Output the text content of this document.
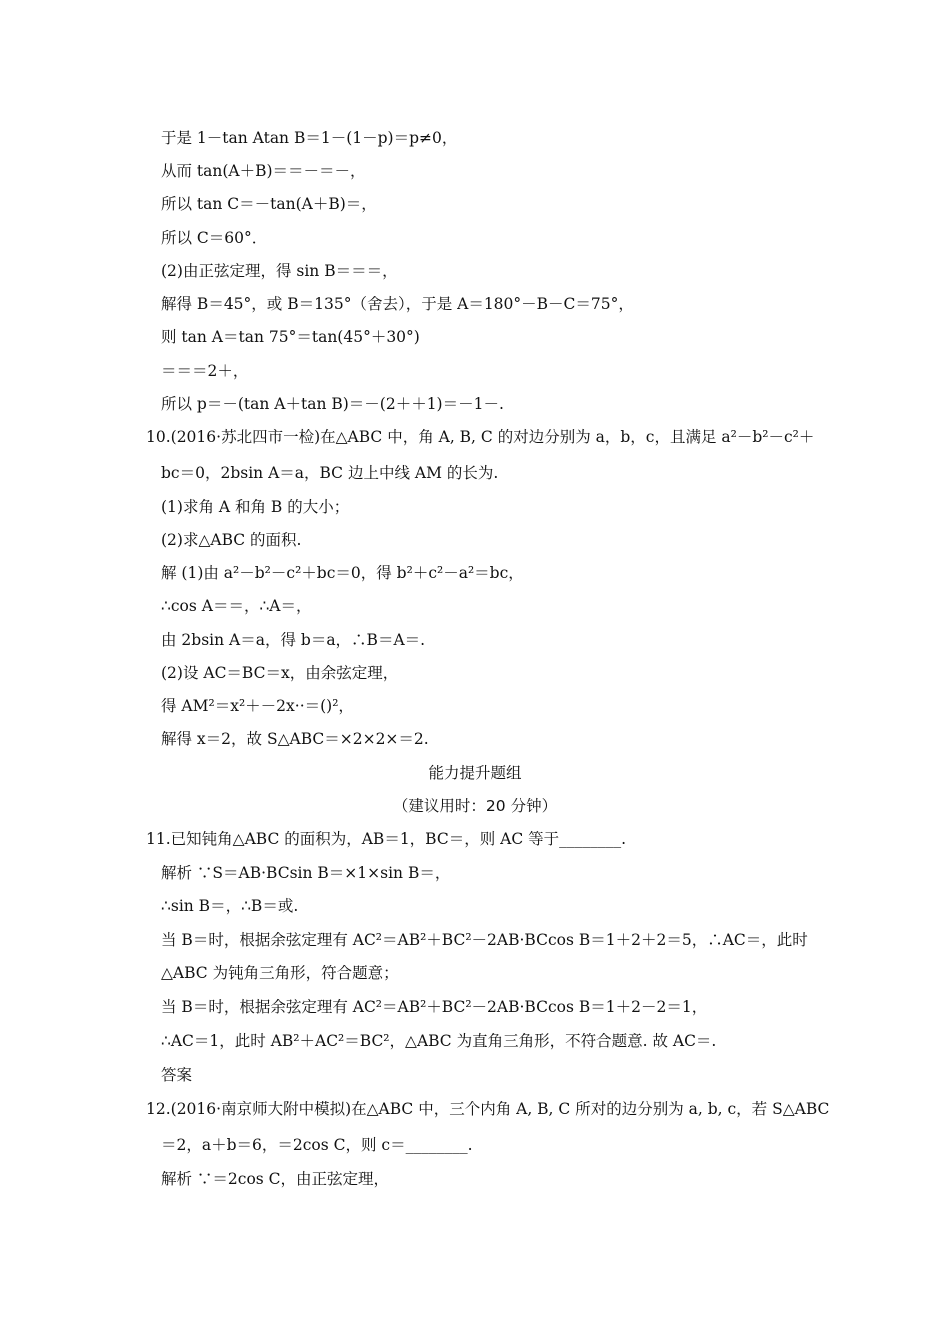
于是 1－tan Atan B＝1－(1－p)＝p≠0，
从而 tan(A＋B)＝＝－＝－，
所以 tan C＝－tan(A＋B)＝，
所以 C＝60°．
(2)由正弦定理，得 sin B＝＝＝，
解得 B＝45°，或 B＝135°（舍去），于是 A＝180°－B－C＝75°，
则 tan A＝tan 75°＝tan(45°＋30°)
＝＝＝2＋，
所以 p＝－(tan A＋tan B)＝－(2＋＋1)＝－1－.
10.(2016·苏北四市一检)在△ABC 中，角 A, B, C 的对边分别为 a，b，c，且满足 a²－b²－c²＋
bc＝0，2bsin A＝a，BC 边上中线 AM 的长为.
(1)求角 A 和角 B 的大小；
(2)求△ABC 的面积.
解 (1)由 a²－b²－c²＋bc＝0，得 b²＋c²－a²＝bc，
∴cos A＝＝，∴A＝，
由 2bsin A＝a，得 b＝a，∴B＝A＝.
(2)设 AC＝BC＝x，由余弦定理，
得 AM²＝x²＋－2x··＝()²，
解得 x＝2，故 S△ABC＝×2×2×＝2.
能力提升题组
（建议用时：20 分钟）
11.已知钝角△ABC 的面积为，AB＝1，BC＝，则 AC 等于________.
解析 ∵S＝AB·BCsin B＝×1×sin B＝，
∴sin B＝，∴B＝或.
当 B＝时，根据余弦定理有 AC²＝AB²＋BC²－2AB·BCcos B＝1＋2＋2＝5，∴AC＝，此时
△ABC 为钝角三角形，符合题意；
当 B＝时，根据余弦定理有 AC²＝AB²＋BC²－2AB·BCcos B＝1＋2－2＝1，
∴AC＝1，此时 AB²＋AC²＝BC²，△ABC 为直角三角形，不符合题意. 故 AC＝.
答案
12.(2016·南京师大附中模拟)在△ABC 中，三个内角 A, B, C 所对的边分别为 a, b, c，若 S△ABC
＝2，a＋b＝6，＝2cos C，则 c＝________.
解析 ∵＝2cos C，由正弦定理，
